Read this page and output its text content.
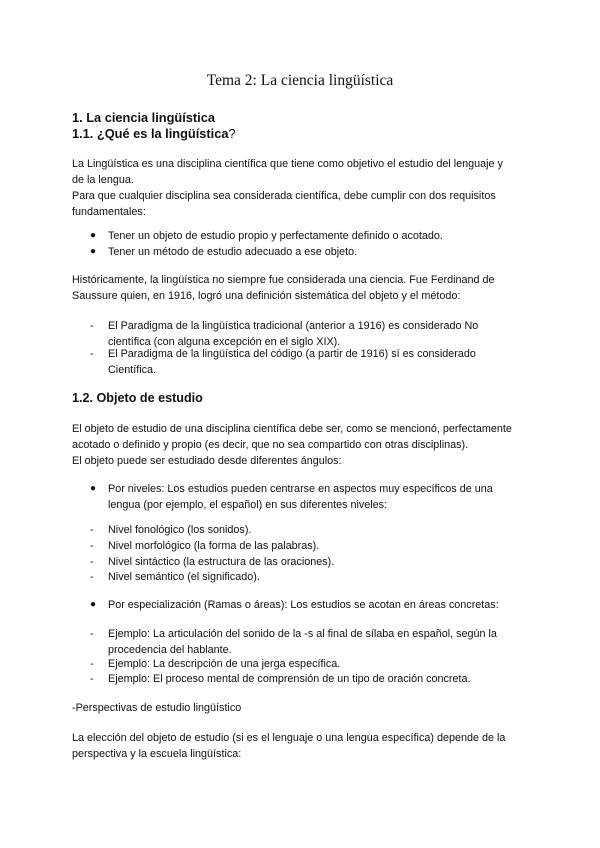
Tema 2: La ciencia lingüística
1. La ciencia lingüística
1.1. ¿Qué es la lingüística?
La Lingüística es una disciplina científica que tiene como objetivo el estudio del lenguaje y
de la lengua.
Para que cualquier disciplina sea considerada científica, debe cumplir con dos requisitos
fundamentales:
● Tener un objeto de estudio propio y perfectamente definido o acotado.
● Tener un método de estudio adecuado a ese objeto.
Históricamente, la lingüística no siempre fue considerada una ciencia. Fue Ferdinand de
Saussure quien, en 1916, logró una definición sistemática del objeto y el método:
- El Paradigma de la lingüística tradicional (anterior a 1916) es considerado No
científica (con alguna excepción en el siglo XIX).
- El Paradigma de la lingüística del código (a partir de 1916) sí es considerado
Científica.
1.2. Objeto de estudio
El objeto de estudio de una disciplina científica debe ser, como se mencionó, perfectamente
acotado o definido y propio (es decir, que no sea compartido con otras disciplinas).
El objeto puede ser estudiado desde diferentes ángulos:
● Por niveles: Los estudios pueden centrarse en aspectos muy específicos de una
lengua (por ejemplo, el español) en sus diferentes niveles:
- Nivel fonológico (los sonidos).
- Nivel morfológico (la forma de las palabras).
- Nivel sintáctico (la estructura de las oraciones).
- Nivel semántico (el significado).
● Por especialización (Ramas o áreas): Los estudios se acotan en áreas concretas:
- Ejemplo: La articulación del sonido de la -s al final de sílaba en español, según la
procedencia del hablante.
- Ejemplo: La descripción de una jerga específica.
- Ejemplo: El proceso mental de comprensión de un tipo de oración concreta.
-Perspectivas de estudio lingüístico
La elección del objeto de estudio (si es el lenguaje o una lengua específica) depende de la
perspectiva y la escuela lingüística:
